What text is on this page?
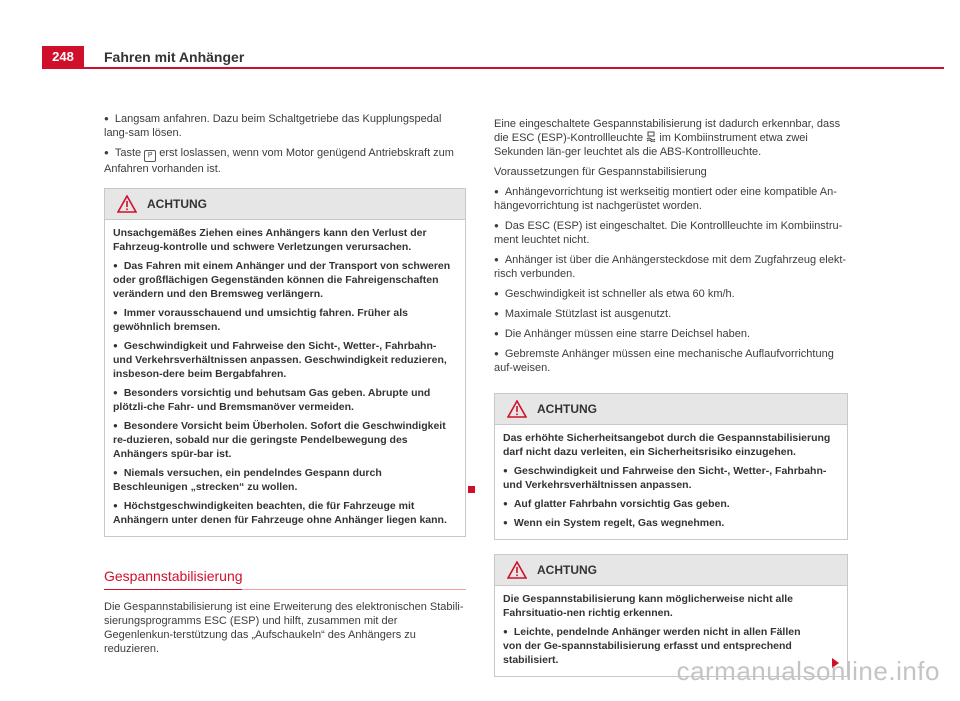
248	Fahren mit Anhänger

● Langsam anfahren. Dazu beim Schaltgetriebe das Kupplungspedal lang-sam lösen.

● Taste P erst loslassen, wenn vom Motor genügend Antriebskraft zum Anfahren vorhanden ist.

ACHTUNG

Unsachgemäßes Ziehen eines Anhängers kann den Verlust der Fahrzeug-kontrolle und schwere Verletzungen verursachen.

● Das Fahren mit einem Anhänger und der Transport von schweren oder großflächigen Gegenständen können die Fahreigenschaften verändern und den Bremsweg verlängern.

● Immer vorausschauend und umsichtig fahren. Früher als gewöhnlich bremsen.

● Geschwindigkeit und Fahrweise den Sicht-, Wetter-, Fahrbahn- und Verkehrsverhältnissen anpassen. Geschwindigkeit reduzieren, insbeson-dere beim Bergabfahren.

● Besonders vorsichtig und behutsam Gas geben. Abrupte und plötzli-che Fahr- und Bremsmanöver vermeiden.

● Besondere Vorsicht beim Überholen. Sofort die Geschwindigkeit re-duzieren, sobald nur die geringste Pendelbewegung des Anhängers spür-bar ist.

● Niemals versuchen, ein pendelndes Gespann durch Beschleunigen „strecken“ zu wollen.

● Höchstgeschwindigkeiten beachten, die für Fahrzeuge mit Anhängern unter denen für Fahrzeuge ohne Anhänger liegen kann.

Gespannstabilisierung

Die Gespannstabilisierung ist eine Erweiterung des elektronischen Stabili-sierungsprogramms ESC (ESP) und hilft, zusammen mit der Gegenlenkun-terstützung das „Aufschaukeln“ des Anhängers zu reduzieren.

Eine eingeschaltete Gespannstabilisierung ist dadurch erkennbar, dass die ESC (ESP)-Kontrollleuchte im Kombiinstrument etwa zwei Sekunden län-ger leuchtet als die ABS-Kontrollleuchte.

Voraussetzungen für Gespannstabilisierung

● Anhängevorrichtung ist werkseitig montiert oder eine kompatible An-hängevorrichtung ist nachgerüstet worden.

● Das ESC (ESP) ist eingeschaltet. Die Kontrollleuchte im Kombiinstru-ment leuchtet nicht.

● Anhänger ist über die Anhängersteckdose mit dem Zugfahrzeug elekt-risch verbunden.

● Geschwindigkeit ist schneller als etwa 60 km/h.

● Maximale Stützlast ist ausgenutzt.

● Die Anhänger müssen eine starre Deichsel haben.

● Gebremste Anhänger müssen eine mechanische Auflaufvorrichtung auf-weisen.

ACHTUNG

Das erhöhte Sicherheitsangebot durch die Gespannstabilisierung darf nicht dazu verleiten, ein Sicherheitsrisiko einzugehen.

● Geschwindigkeit und Fahrweise den Sicht-, Wetter-, Fahrbahn- und Verkehrsverhältnissen anpassen.

● Auf glatter Fahrbahn vorsichtig Gas geben.

● Wenn ein System regelt, Gas wegnehmen.

ACHTUNG

Die Gespannstabilisierung kann möglicherweise nicht alle Fahrsituatio-nen richtig erkennen.

● Leichte, pendelnde Anhänger werden nicht in allen Fällen von der Ge-spannstabilisierung erfasst und entsprechend stabilisiert.	carmanualsonline.info
